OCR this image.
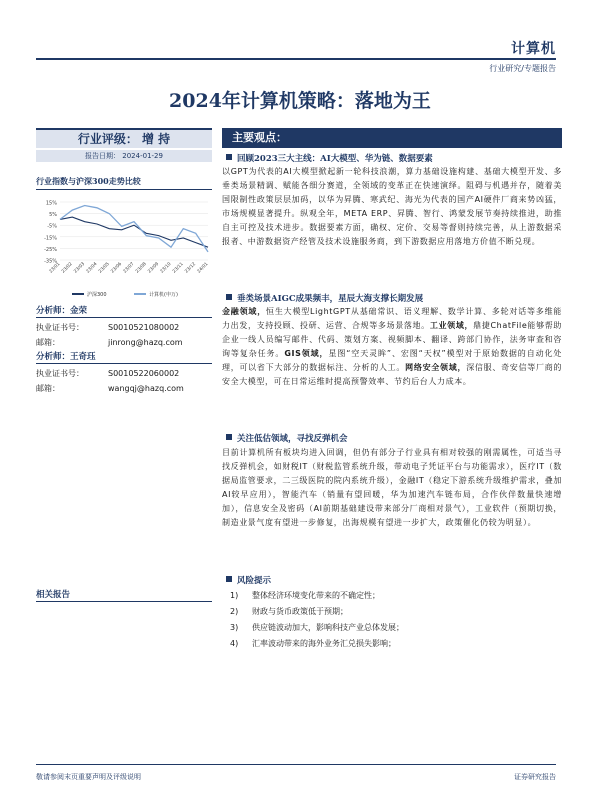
计算机
行业研究/专题报告
2024年计算机策略：落地为王
行业评级： 增 持
报告日期： 2024-01-29
行业指数与沪深300走势比较
15%
5%
-5%
-15%
-25%
-35%
23/01 23/02 23/03 23/04 23/05 23/06 23/07 23/08 23/09 23/10 23/11 23/12 24/01
沪深300	计算机(申万)
分析师：金荣
执业证书号：	S0010521080002
邮箱：	jinrong@hazq.com
分析师：王奇珏
执业证书号：	S0010522060002
邮箱：	wangqj@hazq.com
相关报告
主要观点：
回顾2023三大主线：AI大模型、华为链、数据要素
以GPT为代表的AI大模型掀起新一轮科技浪潮，算力基础设施构建、基础大模型开发、多垂类场景精调、赋能各细分赛道，全领域的变革正在快速演绎。阻碍与机遇并存，随着美国限制性政策层层加码，以华为昇腾、寒武纪、海光为代表的国产AI硬件厂商来势凶猛，市场规模显著提升。纵观全年，META ERP、昇腾、智行、鸿蒙发展节奏持续推进，助推自主可控及技术进步。数据要素方面，确权、定价、交易等督则持续完善，从上游数据采报者、中游数据资产经管及技术设施服务商，到下游数据应用落地方价值不断兑现。
垂类场景AIGC成果频丰，星辰大海支撑长期发展
金融领域，恒生大模型LightGPT从基础常识、语义理解、数学计算、多轮对话等多维能力出发，支持投顾、投研、运营、合规等多场景落地。工业领域，鼎捷ChatFile能够帮助企业一线人员编写邮件、代码、策划方案、视频脚本、翻译、跨部门协作，法务审查和咨询等复杂任务。GIS领域，星图“空天灵眸”、宏图“天权”模型对于原始数据的自动化处理，可以省下大部分的数据标注、分析的人工。网络安全领域，深信服、奇安信等厂商的安全大模型，可在日常运维时提高预警效率、节约后台人力成本。
关注低估领域，寻找反弹机会
目前计算机所有板块均进入回调，但仍有部分子行业具有相对较强的刚需属性，可适当寻找反弹机会，如财税IT（财税监管系统升级，带动电子凭证平台与功能需求），医疗IT（数据局监管要求，二三级医院的院内系统升级），金融IT（稳定下游系统升级维护需求，叠加AI较早应用），智能汽车（销量有望回暖，华为加速汽车链布局，合作伙伴数量快速增加），信息安全及密码（AI前期基础建设带来部分厂商相对景气），工业软件（预期切换，制造业景气度有望进一步修复，出海规模有望进一步扩大，政策催化仍较为明显）。
风险提示
1) 整体经济环境变化带来的不确定性；
2) 财政与货币政策低于预期；
3) 供应链波动加大，影响科技产业总体发展；
4) 汇率波动带来的海外业务汇兑损失影响；
敬请参阅末页重要声明及评级说明	证券研究报告
